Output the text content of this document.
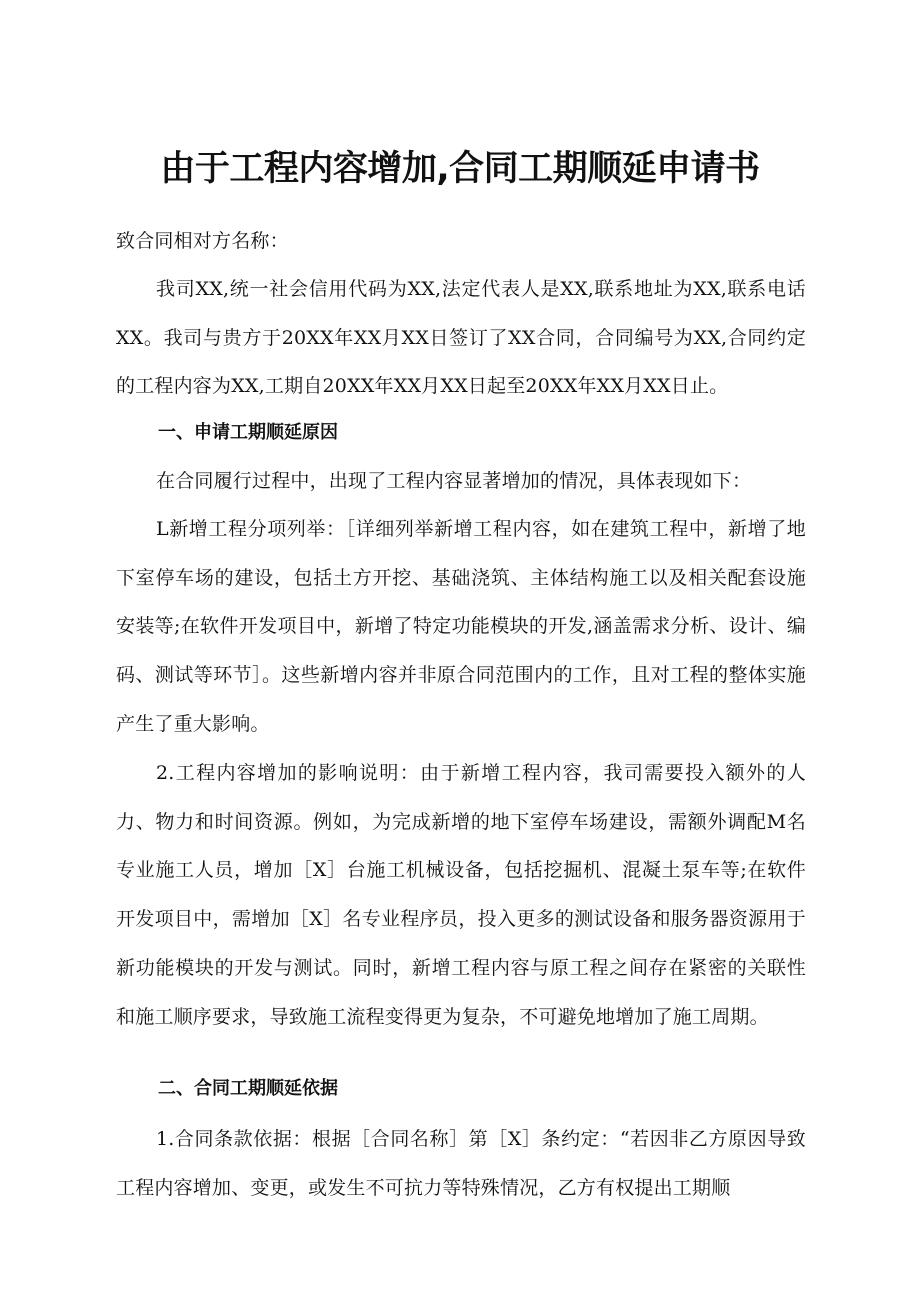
由于工程内容增加,合同工期顺延申请书

致合同相对方名称：

我司XX,统一社会信用代码为XX,法定代表人是XX,联系地址为XX,联系电话XX。我司与贵方于20XX年XX月XX日签订了XX合同，合同编号为XX,合同约定的工程内容为XX,工期自20XX年XX月XX日起至20XX年XX月XX日止。

一、申请工期顺延原因

在合同履行过程中，出现了工程内容显著增加的情况，具体表现如下：

L新增工程分项列举：［详细列举新增工程内容，如在建筑工程中，新增了地下室停车场的建设，包括土方开挖、基础浇筑、主体结构施工以及相关配套设施安装等;在软件开发项目中，新增了特定功能模块的开发,涵盖需求分析、设计、编码、测试等环节］。这些新增内容并非原合同范围内的工作，且对工程的整体实施产生了重大影响。

2.工程内容增加的影响说明：由于新增工程内容，我司需要投入额外的人力、物力和时间资源。例如，为完成新增的地下室停车场建设，需额外调配M名专业施工人员，增加［X］台施工机械设备，包括挖掘机、混凝土泵车等;在软件开发项目中，需增加［X］名专业程序员，投入更多的测试设备和服务器资源用于新功能模块的开发与测试。同时，新增工程内容与原工程之间存在紧密的关联性和施工顺序要求，导致施工流程变得更为复杂，不可避免地增加了施工周期。

二、合同工期顺延依据

1.合同条款依据：根据［合同名称］第［X］条约定：“若因非乙方原因导致工程内容增加、变更，或发生不可抗力等特殊情况，乙方有权提出工期顺
